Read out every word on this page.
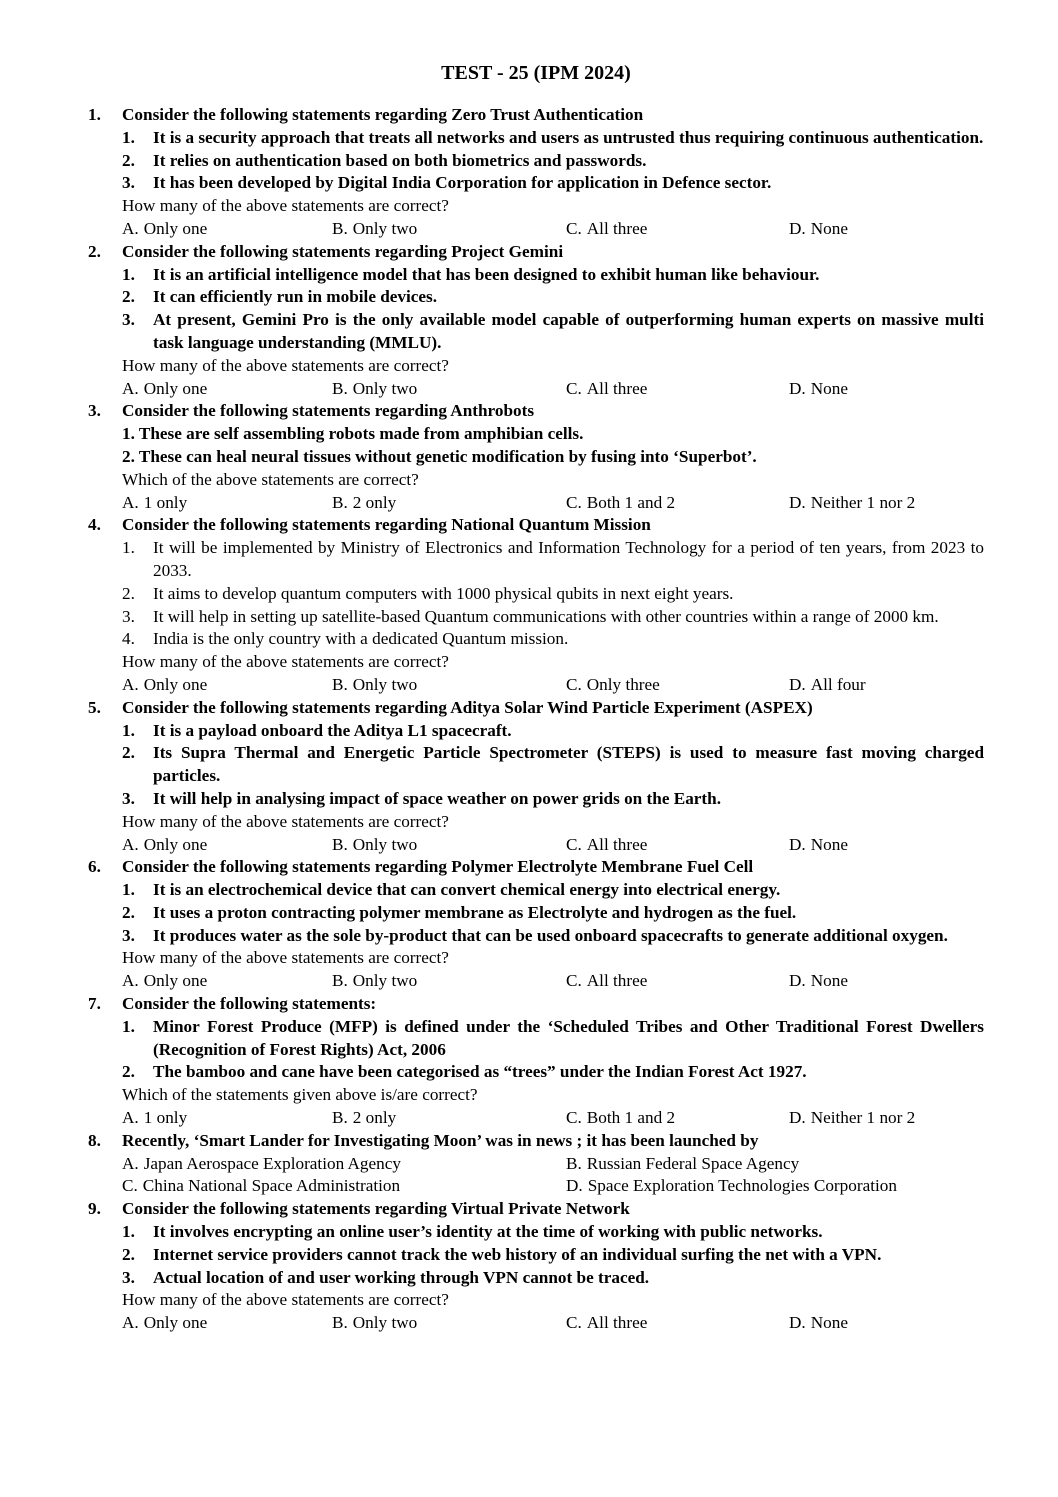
TEST - 25 (IPM 2024)
1.	Consider the following statements regarding Zero Trust Authentication
1.	It is a security approach that treats all networks and users as untrusted thus requiring continuous authentication.
2.	It relies on authentication based on both biometrics and passwords.
3.	It has been developed by Digital India Corporation for application in Defence sector.
How many of the above statements are correct?
A. Only one	B. Only two	C. All three	D. None
2.	Consider the following statements regarding Project Gemini
1.	It is an artificial intelligence model that has been designed to exhibit human like behaviour.
2.	It can efficiently run in mobile devices.
3.	At present, Gemini Pro is the only available model capable of outperforming human experts on massive multi task language understanding (MMLU).
How many of the above statements are correct?
A. Only one	B. Only two	C. All three	D. None
3.	Consider the following statements regarding Anthrobots
1. These are self assembling robots made from amphibian cells.
2. These can heal neural tissues without genetic modification by fusing into ‘Superbot’.
Which of the above statements are correct?
A. 1 only	B. 2 only	C. Both 1 and 2	D. Neither 1 nor 2
4.	Consider the following statements regarding National Quantum Mission
1.	It will be implemented by Ministry of Electronics and Information Technology for a period of ten years, from 2023 to 2033.
2.	It aims to develop quantum computers with 1000 physical qubits in next eight years.
3.	It will help in setting up satellite-based Quantum communications with other countries within a range of 2000 km.
4.	India is the only country with a dedicated Quantum mission.
How many of the above statements are correct?
A. Only one	B. Only two	C. Only three	D. All four
5.	Consider the following statements regarding Aditya Solar Wind Particle Experiment (ASPEX)
1.	It is a payload onboard the Aditya L1 spacecraft.
2.	Its Supra Thermal and Energetic Particle Spectrometer (STEPS) is used to measure fast moving charged particles.
3.	It will help in analysing impact of space weather on power grids on the Earth.
How many of the above statements are correct?
A. Only one	B. Only two	C. All three	D. None
6.	Consider the following statements regarding Polymer Electrolyte Membrane Fuel Cell
1.	It is an electrochemical device that can convert chemical energy into electrical energy.
2.	It uses a proton contracting polymer membrane as Electrolyte and hydrogen as the fuel.
3.	It produces water as the sole by-product that can be used onboard spacecrafts to generate additional oxygen.
How many of the above statements are correct?
A. Only one	B. Only two	C. All three	D. None
7.	Consider the following statements:
1.	Minor Forest Produce (MFP) is defined under the ‘Scheduled Tribes and Other Traditional Forest Dwellers (Recognition of Forest Rights) Act, 2006
2.	The bamboo and cane have been categorised as “trees” under the Indian Forest Act 1927.
Which of the statements given above is/are correct?
A. 1 only	B. 2 only	C. Both 1 and 2	D. Neither 1 nor 2
8.	Recently, ‘Smart Lander for Investigating Moon’ was in news ; it has been launched by
A. Japan Aerospace Exploration Agency	B. Russian Federal Space Agency
C. China National Space Administration	D. Space Exploration Technologies Corporation
9.	Consider the following statements regarding Virtual Private Network
1.	It involves encrypting an online user’s identity at the time of working with public networks.
2.	Internet service providers cannot track the web history of an individual surfing the net with a VPN.
3.	Actual location of and user working through VPN cannot be traced.
How many of the above statements are correct?
A. Only one	B. Only two	C. All three	D. None
